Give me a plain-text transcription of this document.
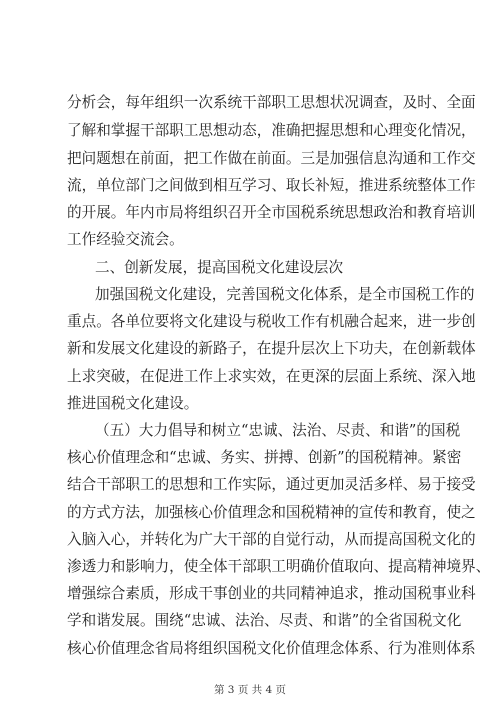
分析会，每年组织一次系统干部职工思想状况调查，及时、全面
了解和掌握干部职工思想动态，准确把握思想和心理变化情况，
把问题想在前面，把工作做在前面。三是加强信息沟通和工作交
流，单位部门之间做到相互学习、取长补短，推进系统整体工作
的开展。年内市局将组织召开全市国税系统思想政治和教育培训
工作经验交流会。
二、创新发展，提高国税文化建设层次
加强国税文化建设，完善国税文化体系，是全市国税工作的
重点。各单位要将文化建设与税收工作有机融合起来，进一步创
新和发展文化建设的新路子，在提升层次上下功夫，在创新载体
上求突破，在促进工作上求实效，在更深的层面上系统、深入地
推进国税文化建设。
（五）大力倡导和树立“忠诚、法治、尽责、和谐”的国税
核心价值理念和“忠诚、务实、拼搏、创新”的国税精神。紧密
结合干部职工的思想和工作实际，通过更加灵活多样、易于接受
的方式方法，加强核心价值理念和国税精神的宣传和教育，使之
入脑入心，并转化为广大干部的自觉行动，从而提高国税文化的
渗透力和影响力，使全体干部职工明确价值取向、提高精神境界、
增强综合素质，形成干事创业的共同精神追求，推动国税事业科
学和谐发展。围绕“忠诚、法治、尽责、和谐”的全省国税文化
核心价值理念省局将组织国税文化价值理念体系、行为准则体系
第 3 页 共 4 页
